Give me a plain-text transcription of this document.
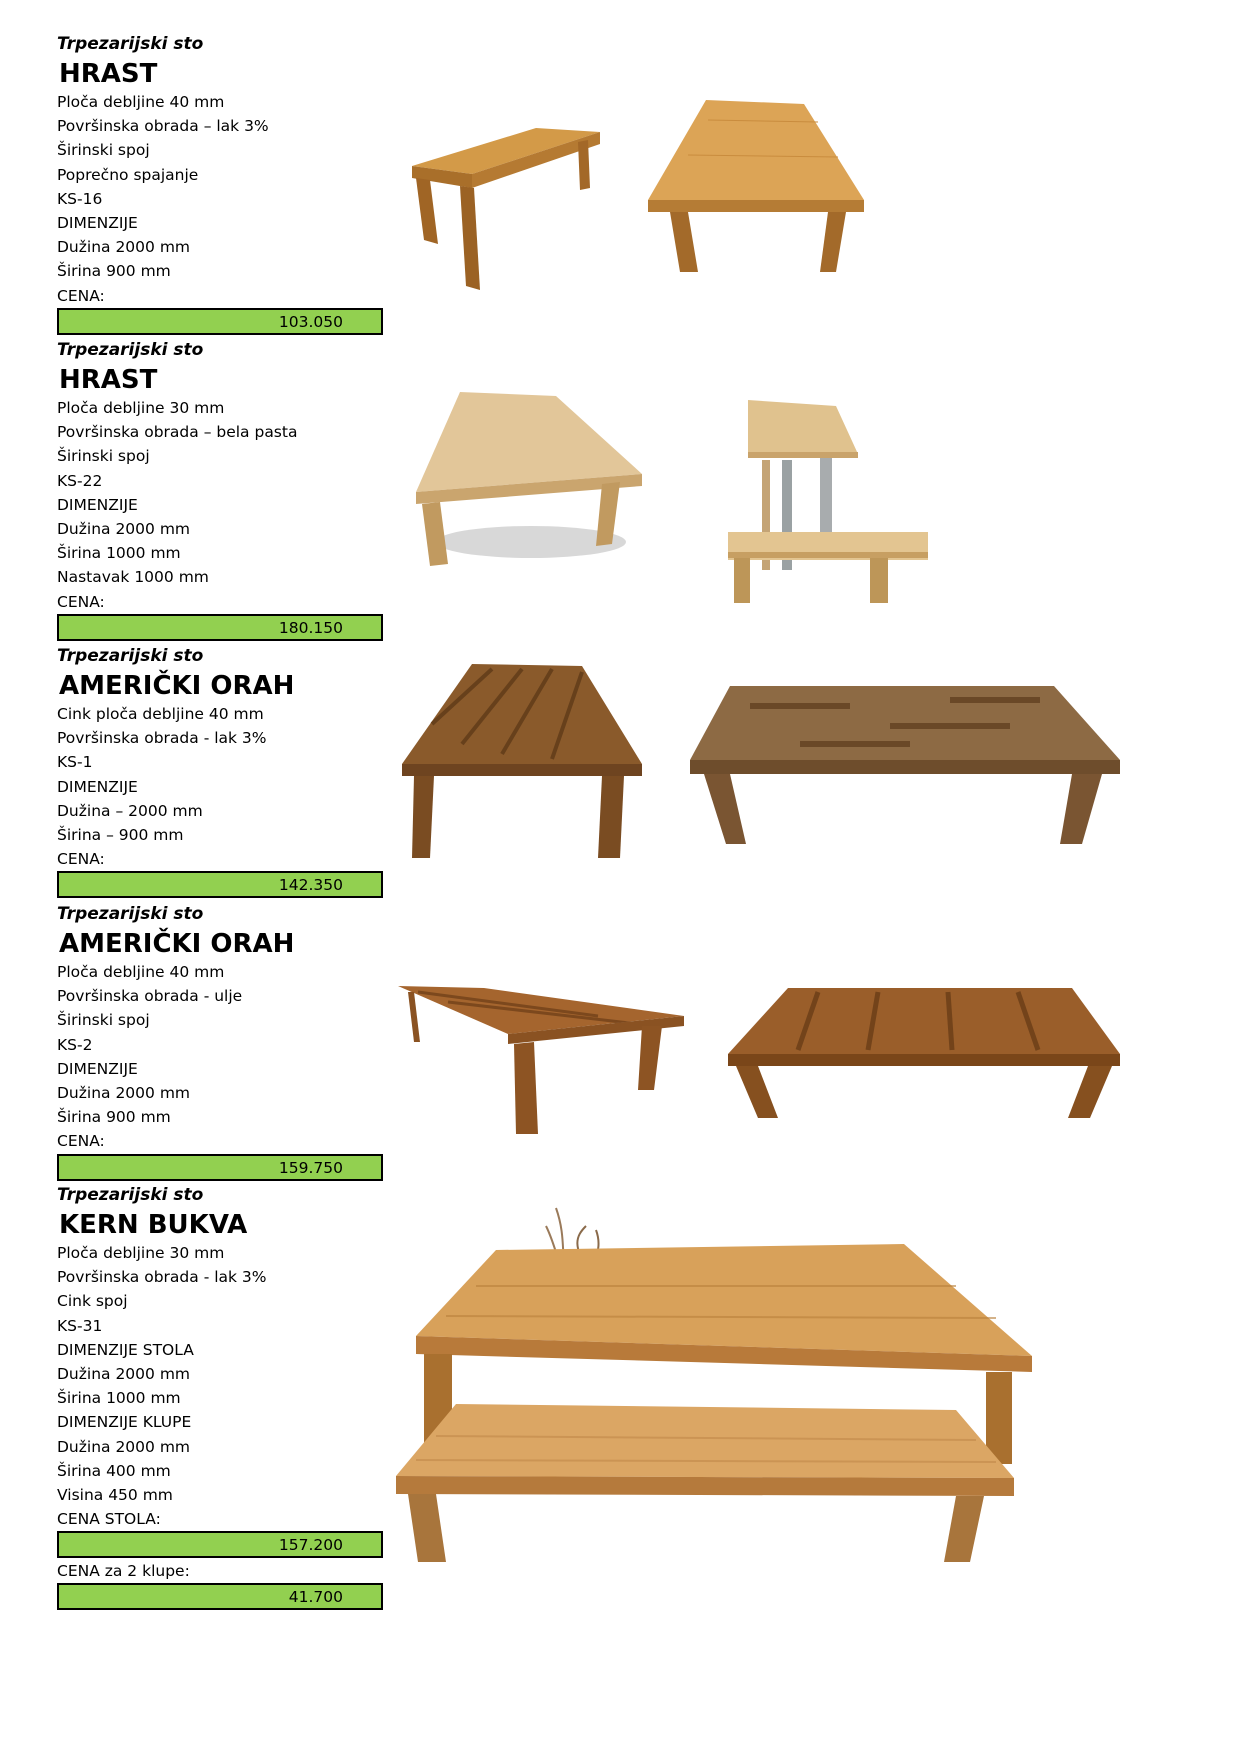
Trpezarijski sto
HRAST
Ploča debljine 40 mm
Površinska obrada – lak 3%
Širinski spoj
Poprečno spajanje
KS-16
DIMENZIJE
Dužina 2000 mm
Širina 900 mm
CENA:
103.050
Trpezarijski sto
HRAST
Ploča debljine 30 mm
Površinska obrada – bela pasta
Širinski spoj
KS-22
DIMENZIJE
Dužina 2000 mm
Širina 1000 mm
Nastavak 1000 mm
CENA:
180.150
Trpezarijski sto
AMERIČKI ORAH
Cink ploča debljine 40 mm
Površinska obrada - lak 3%
KS-1
DIMENZIJE
Dužina – 2000 mm
Širina – 900 mm
CENA:
142.350
Trpezarijski sto
AMERIČKI ORAH
Ploča debljine 40 mm
Površinska obrada - ulje
Širinski spoj
KS-2
DIMENZIJE
Dužina 2000 mm
Širina 900 mm
CENA:
159.750
Trpezarijski sto
KERN BUKVA
Ploča debljine 30 mm
Površinska obrada - lak 3%
Cink spoj
KS-31
DIMENZIJE STOLA
Dužina 2000 mm
Širina 1000 mm
DIMENZIJE KLUPE
Dužina 2000 mm
Širina 400 mm
Visina 450 mm
CENA STOLA:
157.200
CENA za 2 klupe:
41.700
